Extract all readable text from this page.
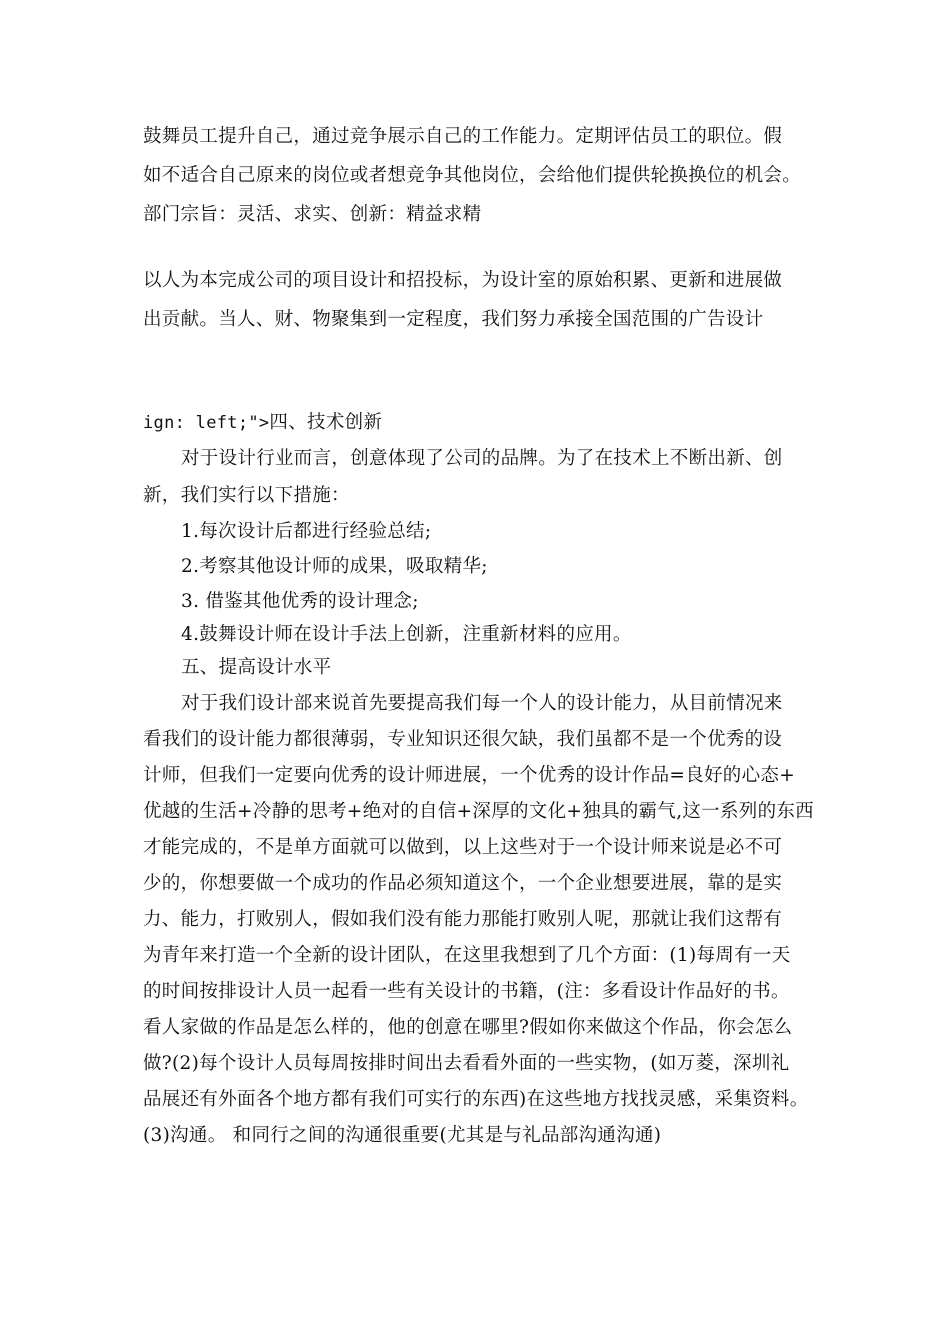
鼓舞员工提升自己，通过竞争展示自己的工作能力。定期评估员工的职位。假
如不适合自己原来的岗位或者想竞争其他岗位，会给他们提供轮换换位的机会。
部门宗旨：灵活、求实、创新：精益求精
以人为本完成公司的项目设计和招投标，为设计室的原始积累、更新和进展做
出贡献。当人、财、物聚集到一定程度，我们努力承接全国范围的广告设计
ign: left;">四、技术创新
对于设计行业而言，创意体现了公司的品牌。为了在技术上不断出新、创
新，我们实行以下措施：
1.每次设计后都进行经验总结;
2.考察其他设计师的成果，吸取精华;
3. 借鉴其他优秀的设计理念;
4.鼓舞设计师在设计手法上创新，注重新材料的应用。
五、提高设计水平
对于我们设计部来说首先要提高我们每一个人的设计能力，从目前情况来
看我们的设计能力都很薄弱，专业知识还很欠缺，我们虽都不是一个优秀的设
计师，但我们一定要向优秀的设计师进展，一个优秀的设计作品=良好的心态+
优越的生活+冷静的思考+绝对的自信+深厚的文化+独具的霸气,这一系列的东西
才能完成的，不是单方面就可以做到，以上这些对于一个设计师来说是必不可
少的，你想要做一个成功的作品必须知道这个，一个企业想要进展，靠的是实
力、能力，打败别人，假如我们没有能力那能打败别人呢，那就让我们这帮有
为青年来打造一个全新的设计团队，在这里我想到了几个方面：(1)每周有一天
的时间按排设计人员一起看一些有关设计的书籍，(注：多看设计作品好的书。
看人家做的作品是怎么样的，他的创意在哪里?假如你来做这个作品，你会怎么
做?(2)每个设计人员每周按排时间出去看看外面的一些实物，(如万菱，深圳礼
品展还有外面各个地方都有我们可实行的东西)在这些地方找找灵感，采集资料。
(3)沟通。 和同行之间的沟通很重要(尤其是与礼品部沟通沟通)
